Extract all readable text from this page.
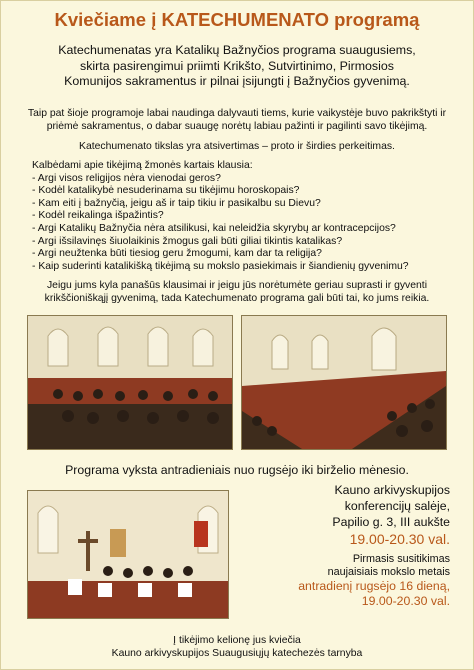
Kviečiame į KATECHUMENATO programą
Katechumenatas yra Katalikų Bažnyčios programa suaugusiems,
skirta pasirengimui priimti Krikšto, Sutvirtinimo, Pirmosios
Komunijos sakramentus ir pilnai įsijungti į Bažnyčios gyvenimą.
Taip pat šioje programoje labai naudinga dalyvauti tiems, kurie vaikystėje buvo pakrikštyti ir
priėmė sakramentus, o dabar suaugę norėtų labiau pažinti ir pagilinti savo tikėjimą.
Katechumenato tikslas yra atsivertimas – proto ir širdies perkeitimas.
Kalbėdami apie tikėjimą žmonės kartais klausia:
- Argi visos religijos nėra vienodai geros?
- Kodėl katalikybė nesuderinama su tikėjimu horoskopais?
- Kam eiti į bažnyčią, jeigu aš ir taip tikiu ir pasikalbu su Dievu?
- Kodėl reikalinga išpažintis?
- Argi Katalikų Bažnyčia nėra atsilikusi, kai neleidžia skyrybų ar kontracepcijos?
- Argi išsilavinęs šiuolaikinis žmogus gali būti giliai tikintis katalikas?
- Argi neužtenka būti tiesiog geru žmogumi, kam dar ta religija?
- Kaip suderinti katalikišką tikėjimą su mokslo pasiekimais ir šiandienių gyvenimu?
Jeigu jums kyla panašūs klausimai ir jeigu jūs norėtumėte geriau suprasti ir gyventi
krikščioniškąjį gyvenimą, tada Katechumenato programa gali būti tai, ko jums reikia.
Programa vyksta antradieniais nuo rugsėjo iki birželio mėnesio.
Kauno arkivyskupijos
konferencijų salėje,
Papilio g. 3, III aukšte
19.00-20.30 val.
Pirmasis susitikimas
naujaisiais mokslo metais
antradienį rugsėjo 16 dieną,
19.00-20.30 val.
Į tikėjimo kelionę jus kviečia
Kauno arkivyskupijos Suaugusiųjų katechezės tarnyba
